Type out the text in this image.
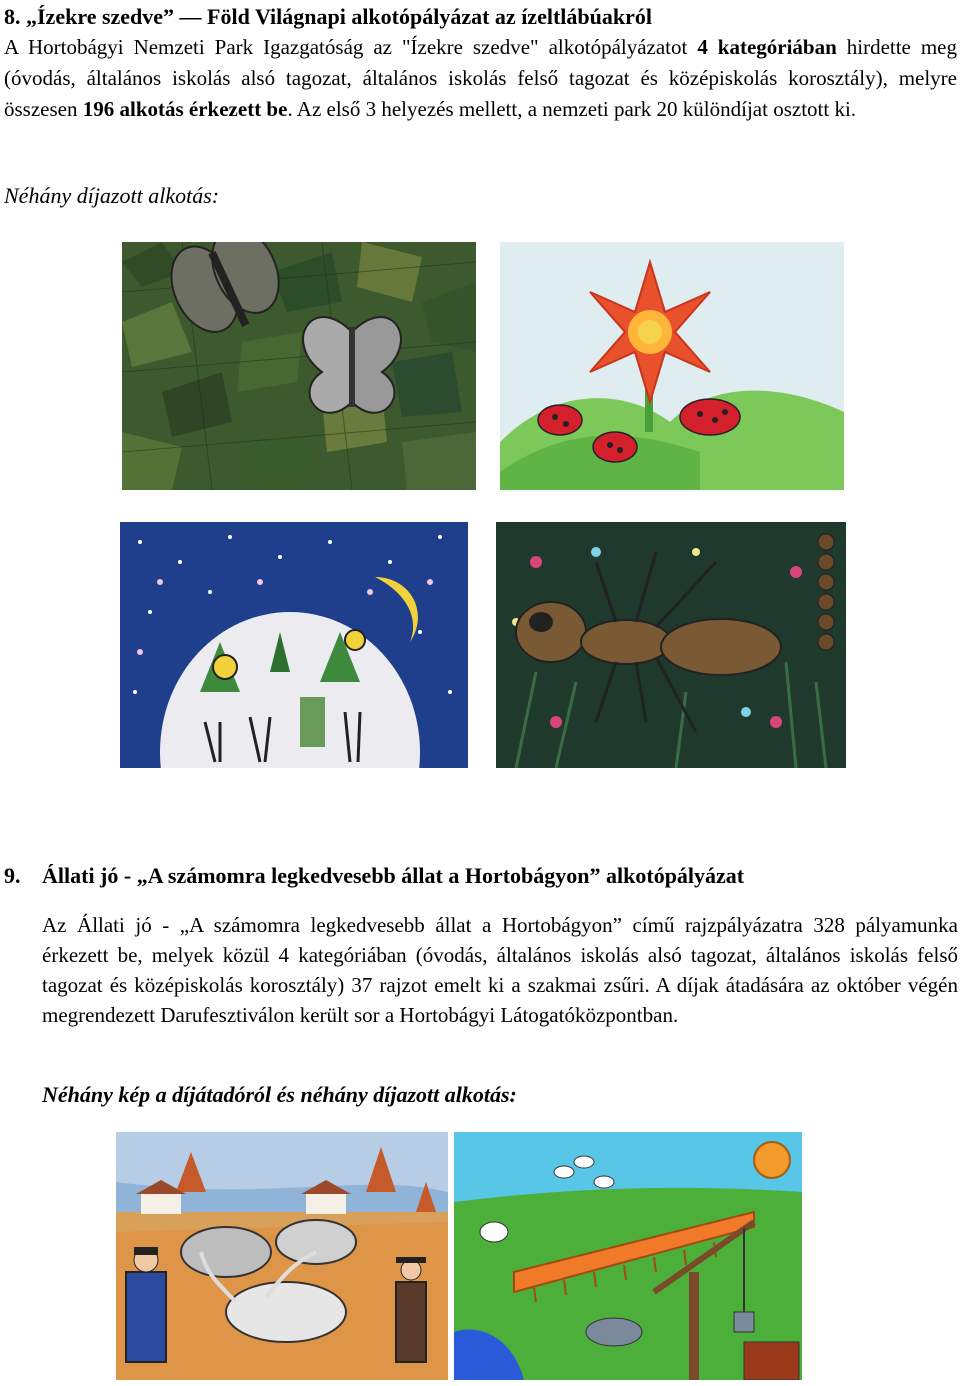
8. „Ízekre szedve” — Föld Világnapi alkotópályázat az ízeltlábúakról

A Hortobágyi Nemzeti Park Igazgatóság az "Ízekre szedve" alkotópályázatot 4 kategóriában hirdette meg (óvodás, általános iskolás alsó tagozat, általános iskolás felső tagozat és középiskolás korosztály), melyre összesen 196 alkotás érkezett be. Az első 3 helyezés mellett, a nemzeti park 20 különdíjat osztott ki.

Néhány díjazott alkotás:
9. Állati jó - „A számomra legkedvesebb állat a Hortobágyon” alkotópályázat

Az Állati jó - „A számomra legkedvesebb állat a Hortobágyon” című rajzpályázatra 328 pályamunka érkezett be, melyek közül 4 kategóriában (óvodás, általános iskolás alsó tagozat, általános iskolás felső tagozat és középiskolás korosztály) 37 rajzot emelt ki a szakmai zsűri. A díjak átadására az október végén megrendezett Darufesztiválon került sor a Hortobágyi Látogatóközpontban.

Néhány kép a díjátadóról és néhány díjazott alkotás:
